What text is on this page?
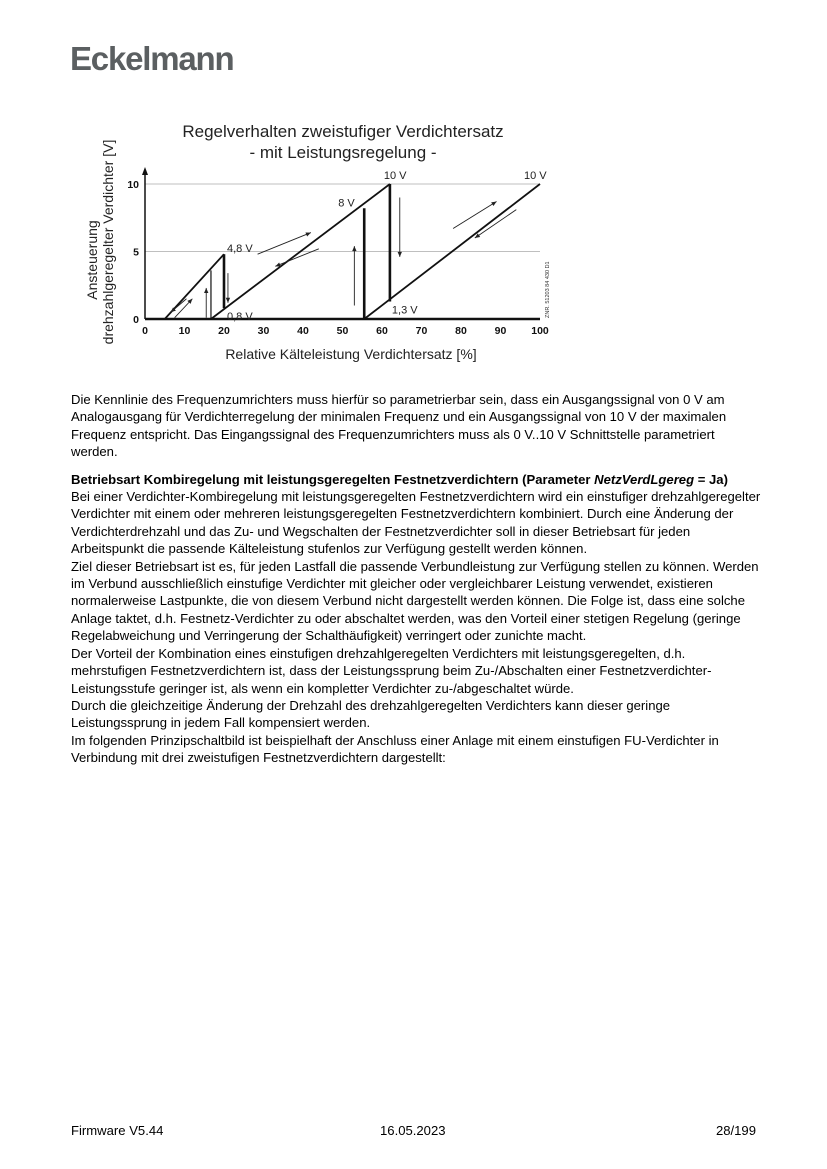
Eckelmann
Regelverhalten zweistufiger Verdichtersatz
- mit Leistungsregelung -
Ansteuerung drehzahlgeregelter Verdichter [V]
Relative Kälteleistung Verdichtersatz [%]
ZNR. 51203 84 430 D1
0	10	20	30	40	50	60	70	80	90 100
0
5
10
4,8 V
0,8 V
8 V
10 V
1,3 V
10 V

Die Kennlinie des Frequenzumrichters muss hierfür so parametrierbar sein, dass ein Ausgangssignal von 0 V am Analogausgang für Verdichterregelung der minimalen Frequenz und ein Ausgangssignal von 10 V der maximalen Frequenz entspricht. Das Eingangssignal des Frequenzumrichters muss als 0 V..10 V Schnittstelle parametriert werden.

Betriebsart Kombiregelung mit leistungsgeregelten Festnetzverdichtern (Parameter NetzVerdLgereg = Ja)

Bei einer Verdichter-Kombiregelung mit leistungsgeregelten Festnetzverdichtern wird ein einstufiger drehzahlgeregelter Verdichter mit einem oder mehreren leistungsgeregelten Festnetzverdichtern kombiniert. Durch eine Änderung der Verdichterdrehzahl und das Zu- und Wegschalten der Festnetzverdichter soll in dieser Betriebsart für jeden Arbeitspunkt die passende Kälteleistung stufenlos zur Verfügung gestellt werden können.

Ziel dieser Betriebsart ist es, für jeden Lastfall die passende Verbundleistung zur Verfügung stellen zu können. Werden im Verbund ausschließlich einstufige Verdichter mit gleicher oder vergleichbarer Leistung verwendet, existieren normalerweise Lastpunkte, die von diesem Verbund nicht dargestellt werden können. Die Folge ist, dass eine solche Anlage taktet, d.h. Festnetz-Verdichter zu oder abschaltet werden, was den Vorteil einer stetigen Regelung (geringe Regelabweichung und Verringerung der Schalthäufigkeit) verringert oder zunichte macht.

Der Vorteil der Kombination eines einstufigen drehzahlgeregelten Verdichters mit leistungsgeregelten, d.h. mehrstufigen Festnetzverdichtern ist, dass der Leistungssprung beim Zu-/Abschalten einer Festnetzverdichter-Leistungsstufe geringer ist, als wenn ein kompletter Verdichter zu-/abgeschaltet würde.

Durch die gleichzeitige Änderung der Drehzahl des drehzahlgeregelten Verdichters kann dieser geringe Leistungssprung in jedem Fall kompensiert werden.

Im folgenden Prinzipschaltbild ist beispielhaft der Anschluss einer Anlage mit einem einstufigen FU-Verdichter in Verbindung mit drei zweistufigen Festnetzverdichtern dargestellt:

Firmware V5.44	16.05.2023	28/199
